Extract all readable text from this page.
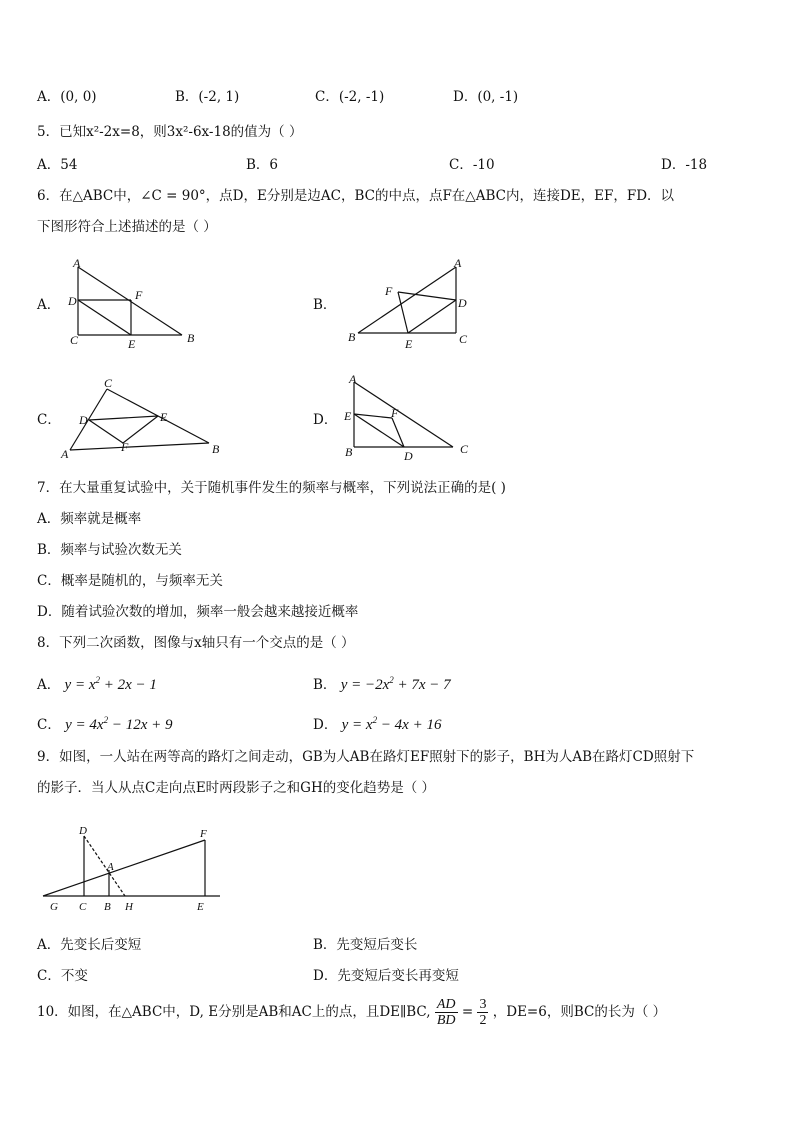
A．(0, 0)	B．(-2, 1)	C．(-2, -1)	D．(0, -1)
5．已知x²-2x=8，则3x²-6x-18的值为（ ）
A．54	B．6	C．-10	D．-18
6．在△ABC中，∠C = 90°，点D，E分别是边AC，BC的中点，点F在△ABC内，连接DE，EF，FD．以
下图形符合上述描述的是（ ）
A．	B．
C．	D．
A
D	F
C	E	B
A
F
D
B	E	C
C
D	E
F
A	B
A
E	F
B	D	C
7．在大量重复试验中，关于随机事件发生的频率与概率，下列说法正确的是( )
A．频率就是概率
B．频率与试验次数无关
C．概率是随机的，与频率无关
D．随着试验次数的增加，频率一般会越来越接近概率
8．下列二次函数，图像与x轴只有一个交点的是（ ）
A． $y = x^2 + 2x - 1$	B． $y = -2x^2 + 7x - 7$
C． $y = 4x^2 - 12x + 9$	D． $y = x^2 - 4x + 16$
9．如图，一人站在两等高的路灯之间走动，GB为人AB在路灯EF照射下的影子，BH为人AB在路灯CD照射下
的影子．当人从点C走向点E时两段影子之和GH的变化趋势是（ ）
D	F
A
G C B H	E
A．先变长后变短	B．先变短后变长
C．不变	D．先变短后变长再变短
10．如图，在△ABC中，D, E分别是AB和AC上的点，且DE∥BC, $\frac{AD}{BD} = \frac{3}{2}$ ，DE=6，则BC的长为（ ）
